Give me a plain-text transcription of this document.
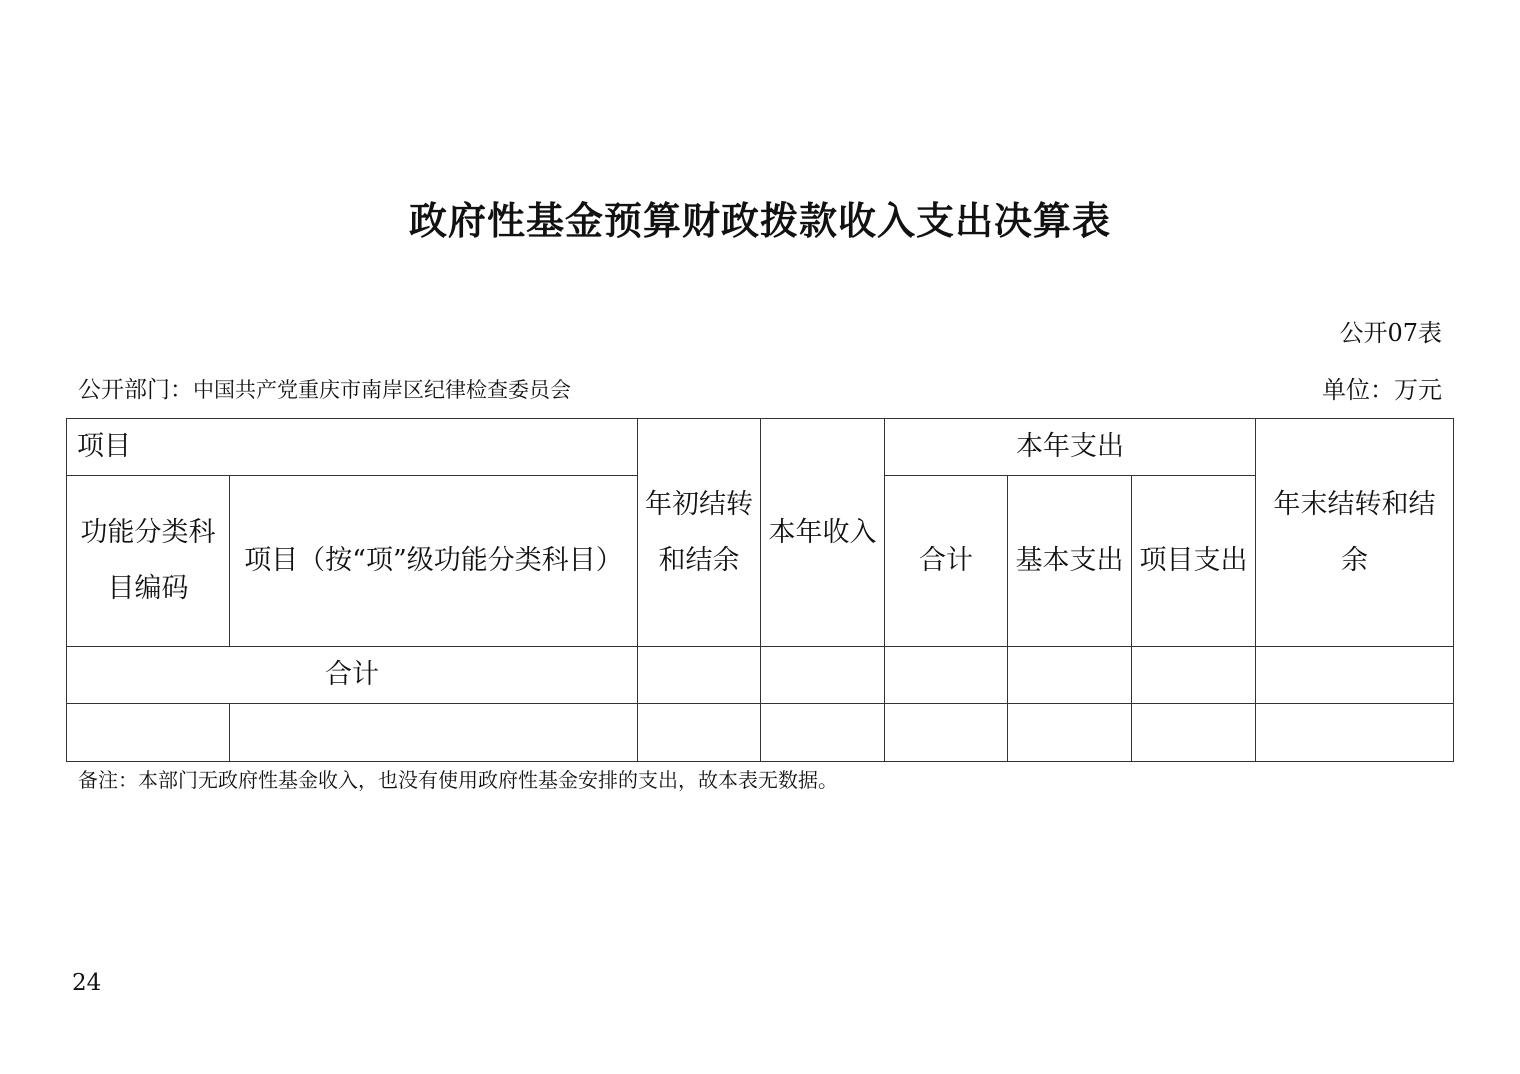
政府性基金预算财政拨款收入支出决算表
公开07表
公开部门：中国共产党重庆市南岸区纪律检查委员会	单位：万元
项目		年初结转和结余	本年收入	本年支出			年末结转和结余
功能分类科目编码	项目（按“项”级功能分类科目）			合计	基本支出	项目支出	
合计							

备注：本部门无政府性基金收入，也没有使用政府性基金安排的支出，故本表无数据。
24
